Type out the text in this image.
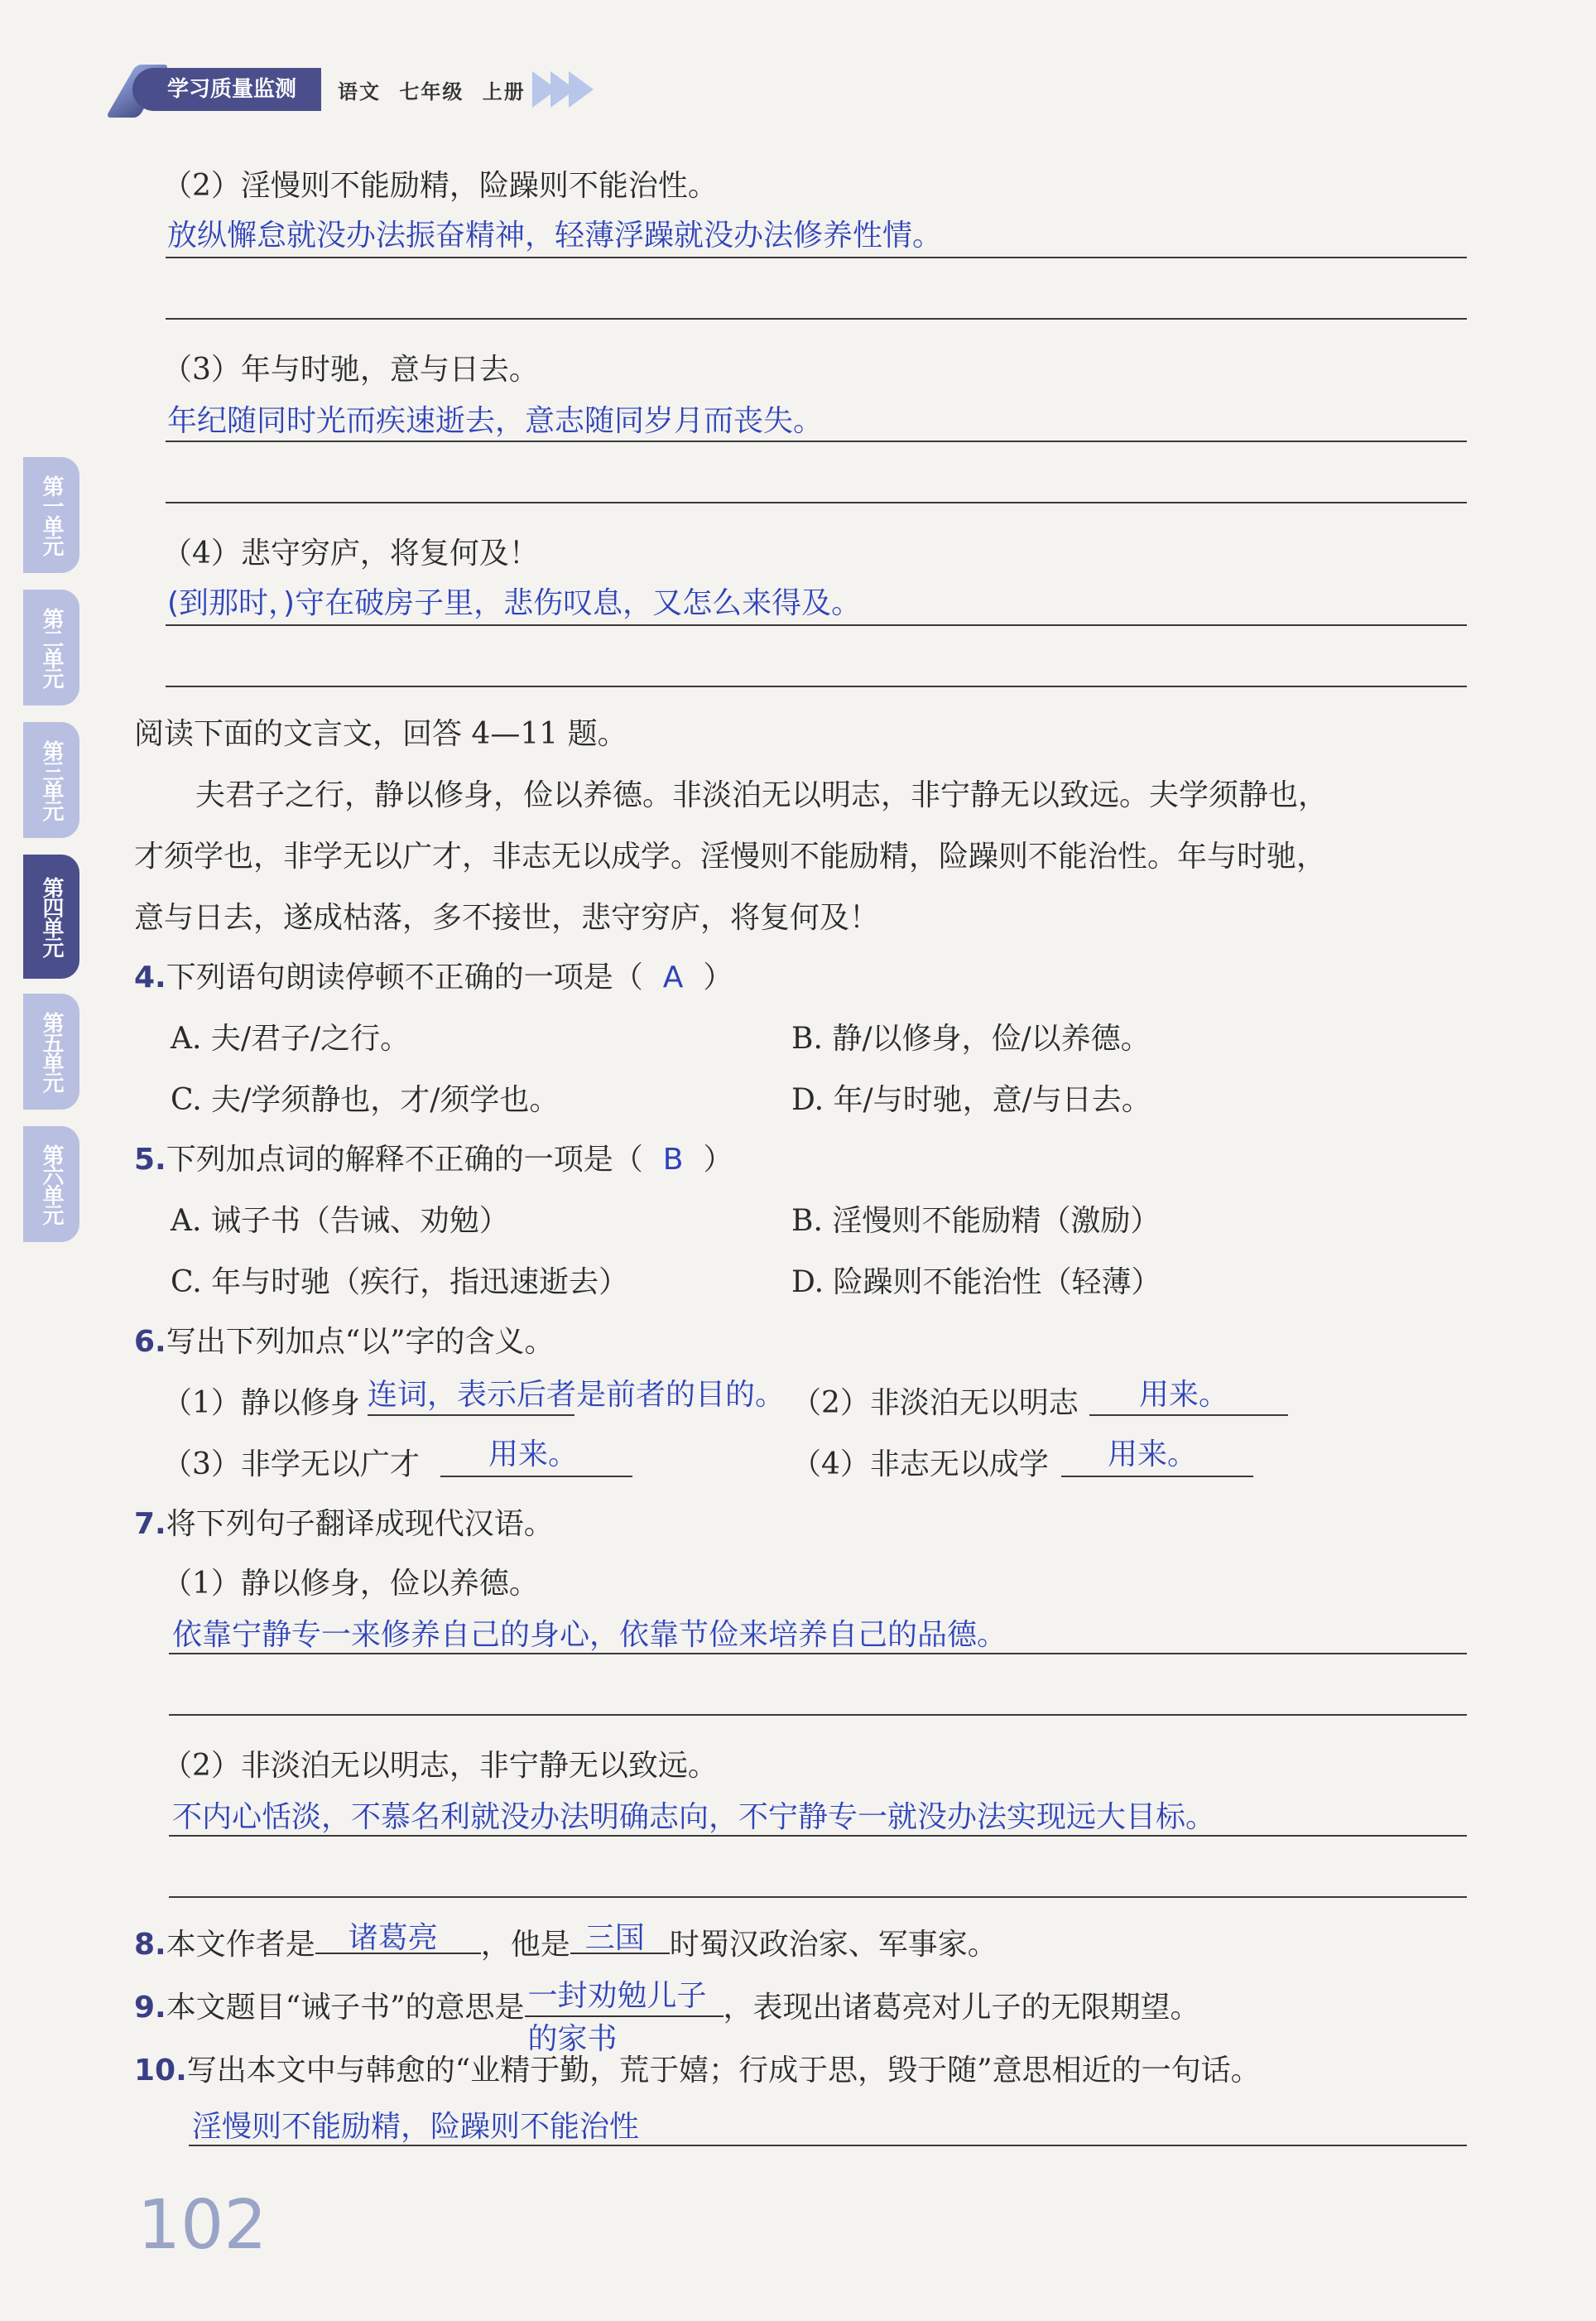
学习质量监测	语文 七年级 上册
第一单元
第二单元
第三单元
第四单元
第五单元
第六单元
（2）淫慢则不能励精，险躁则不能治性。
放纵懈怠就没办法振奋精神，轻薄浮躁就没办法修养性情。
（3）年与时驰，意与日去。
年纪随同时光而疾速逝去，意志随同岁月而丧失。
（4）悲守穷庐，将复何及！
(到那时，)守在破房子里，悲伤叹息，又怎么来得及。
阅读下面的文言文，回答 4—11 题。
夫君子之行，静以修身，俭以养德。非淡泊无以明志，非宁静无以致远。夫学须静也，
才须学也，非学无以广才，非志无以成学。淫慢则不能励精，险躁则不能治性。年与时驰，
意与日去，遂成枯落，多不接世，悲守穷庐，将复何及！
4.下列语句朗读停顿不正确的一项是（ A ）
A. 夫/君子/之行。	B. 静/以修身，俭/以养德。
C. 夫/学须静也，才/须学也。	D. 年/与时驰，意/与日去。
5.下列加点词的解释不正确的一项是（ B ）
A. 诫子书（告诫、劝勉）	B. 淫慢则不能励精（激励）
C. 年与时驰（疾行，指迅速逝去）	D. 险躁则不能治性（轻薄）
6.写出下列加点“以”字的含义。
（1）静以修身 连词，表示后者是前者的目的。 （2）非淡泊无以明志 用来。
（3）非学无以广才 用来。	（4）非志无以成学 用来。
7.将下列句子翻译成现代汉语。
（1）静以修身，俭以养德。
依靠宁静专一来修养自己的身心，依靠节俭来培养自己的品德。
（2）非淡泊无以明志，非宁静无以致远。
不内心恬淡，不慕名利就没办法明确志向，不宁静专一就没办法实现远大目标。
8.本文作者是 诸葛亮 ，他是 三国 时蜀汉政治家、军事家。
9.本文题目“诫子书”的意思是 一封劝勉儿子
的家书
，表现出诸葛亮对儿子的无限期望。
10.写出本文中与韩愈的“业精于勤，荒于嬉；行成于思，毁于随”意思相近的一句话。
淫慢则不能励精，险躁则不能治性
102
